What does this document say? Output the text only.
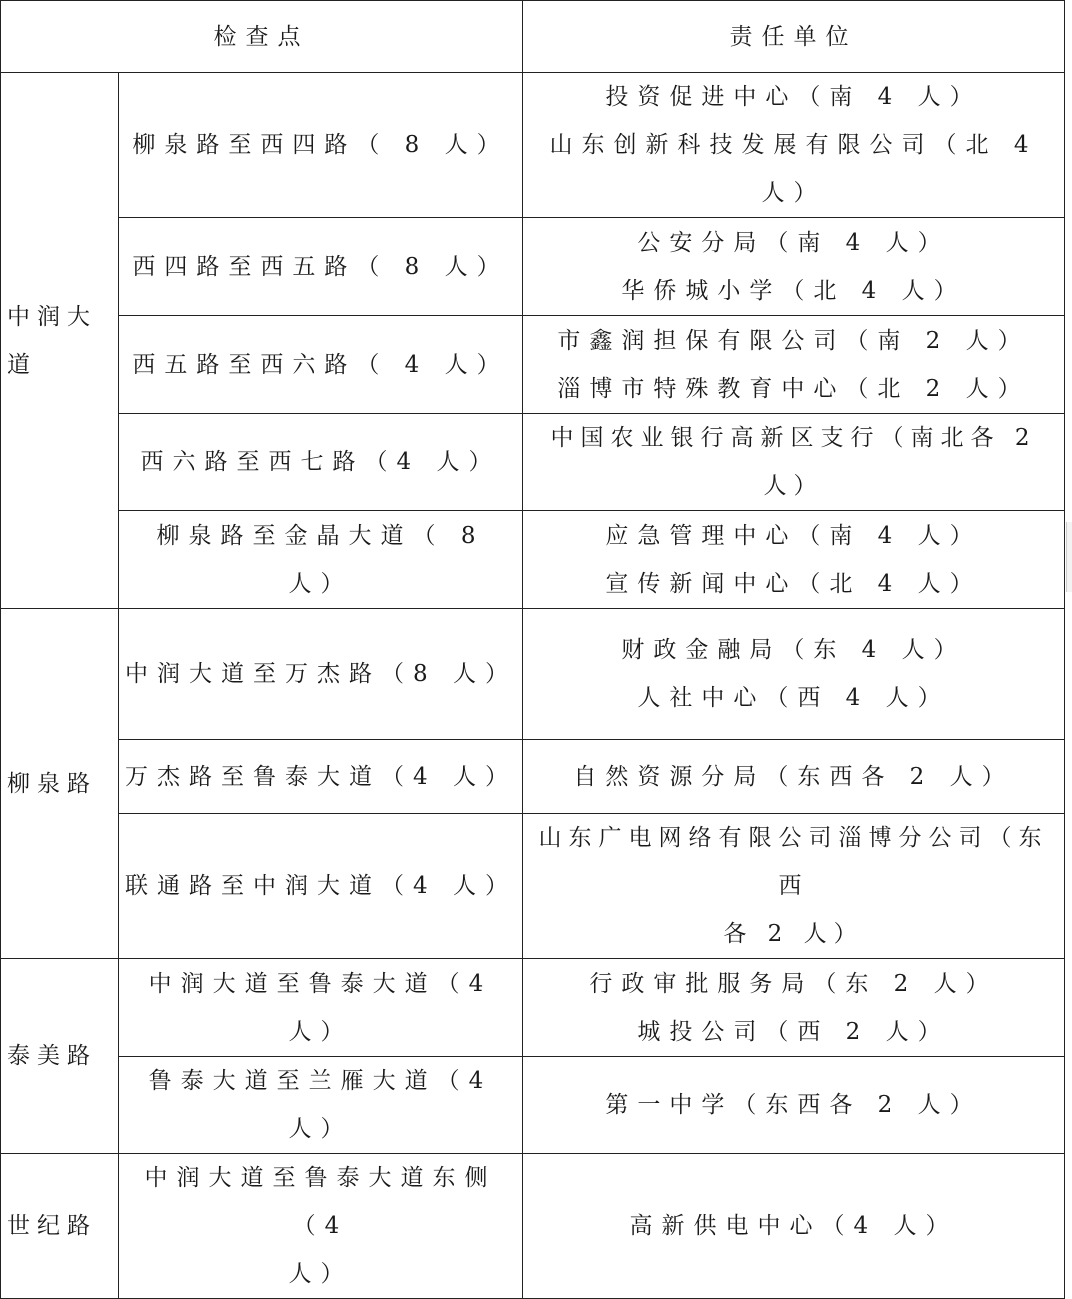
检查点		责任单位
中润大道	柳泉路至西四路（ 8 人）	投资促进中心（南 4 人）
山东创新科技发展有限公司（北 4 人）

	西四路至西五路（ 8 人）	公安分局（南 4 人）
华侨城小学（北 4 人）

	西五路至西六路（ 4 人）	市鑫润担保有限公司（南 2 人）
淄博市特殊教育中心（北 2 人）

	西六路至西七路（4 人）	中国农业银行高新区支行（南北各 2 人）

	柳泉路至金晶大道（ 8 人）	应急管理中心（南 4 人）
宣传新闻中心（北 4 人）

柳泉路	中润大道至万杰路（8 人）	财政金融局（东 4 人）
人社中心（西 4 人）

	万杰路至鲁泰大道（4 人）	自然资源分局（东西各 2 人）

	联通路至中润大道（4 人）	山东广电网络有限公司淄博分公司（东西
各 2 人）

泰美路	中润大道至鲁泰大道（4 人）	行政审批服务局（东 2 人）
城投公司（西 2 人）

	鲁泰大道至兰雁大道（4 人）	第一中学（东西各 2 人）

世纪路	中润大道至鲁泰大道东侧（4
人）	高新供电中心（4 人）
